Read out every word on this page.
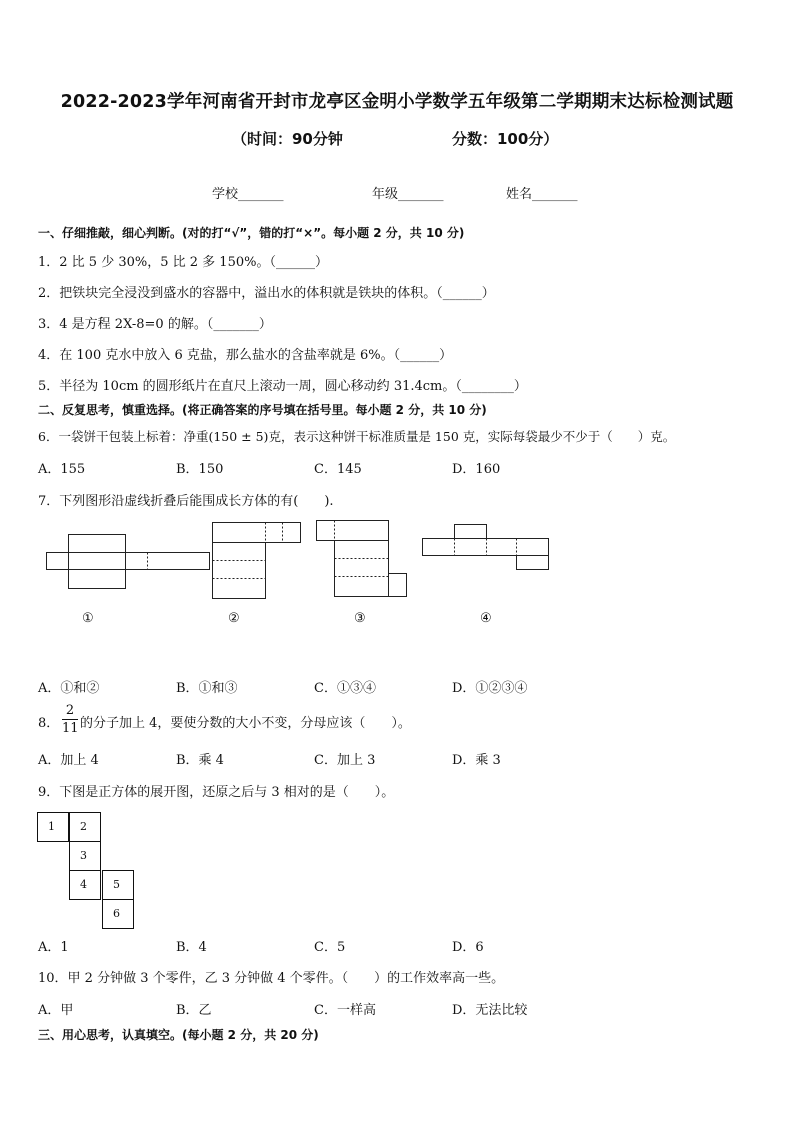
2022-2023学年河南省开封市龙亭区金明小学数学五年级第二学期期末达标检测试题
（时间：90分钟	分数：100分）
学校_______	年级_______	姓名_______
一、仔细推敲，细心判断。(对的打“√”，错的打“×”。每小题 2 分，共 10 分)
1．2 比 5 少 30%，5 比 2 多 150%。（______）
2．把铁块完全浸没到盛水的容器中，溢出水的体积就是铁块的体积。（______）
3．4 是方程 2X-8=0 的解。（_______）
4．在 100 克水中放入 6 克盐，那么盐水的含盐率就是 6%。（______）
5．半径为 10cm 的圆形纸片在直尺上滚动一周，圆心移动约 31.4cm。（________）
二、反复思考，慎重选择。(将正确答案的序号填在括号里。每小题 2 分，共 10 分)
6．一袋饼干包装上标着：净重(150 ± 5)克，表示这种饼干标准质量是 150 克，实际每袋最少不少于（　　）克。
A．155	B．150	C．145	D．160
7．下列图形沿虚线折叠后能围成长方体的有(　　).
①	②	③	④
A．①和②	B．①和③	C．①③④	D．①②③④
8．
2
11 的分子加上 4，要使分数的大小不变，分母应该（　　）。
A．加上 4	B．乘 4	C．加上 3	D．乘 3
9．下图是正方体的展开图，还原之后与 3 相对的是（　　）。
1	2
3
4	5
6
A．1	B．4	C．5	D．6
10．甲 2 分钟做 3 个零件，乙 3 分钟做 4 个零件。（　　）的工作效率高一些。
A．甲	B．乙	C．一样高	D．无法比较
三、用心思考，认真填空。(每小题 2 分，共 20 分)
